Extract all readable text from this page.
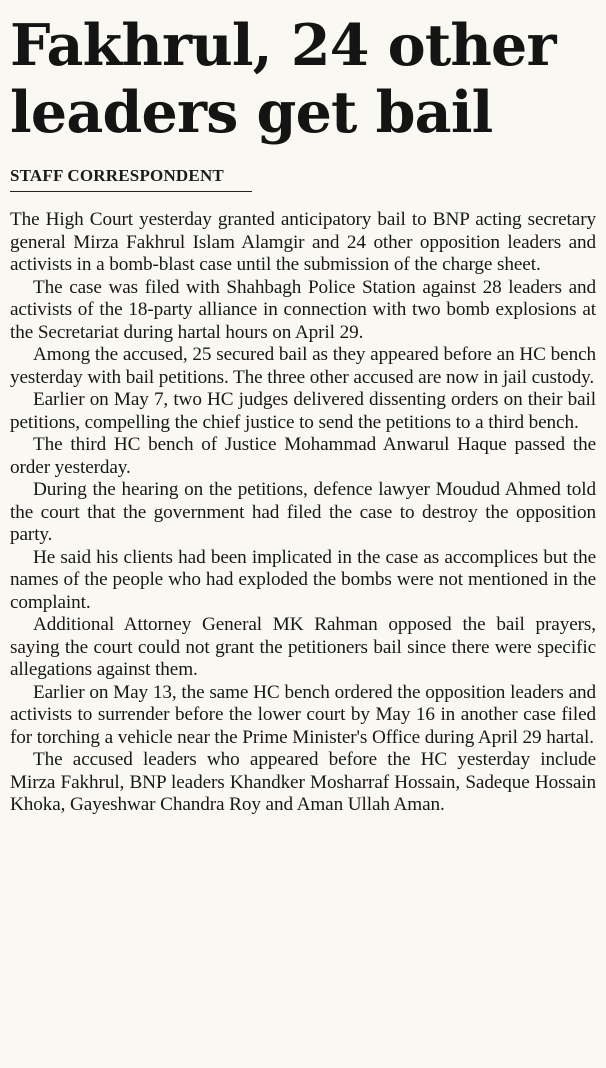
Fakhrul, 24 other
leaders get bail
STAFF CORRESPONDENT

The High Court yesterday granted anticipatory bail to BNP acting secretary general Mirza Fakhrul Islam Alamgir and 24 other opposition leaders and activists in a bomb-blast case until the submission of the charge sheet.

The case was filed with Shahbagh Police Station against 28 leaders and activists of the 18-party alliance in connection with two bomb explosions at the Secretariat during hartal hours on April 29.

Among the accused, 25 secured bail as they appeared before an HC bench yesterday with bail petitions. The three other accused are now in jail custody.

Earlier on May 7, two HC judges delivered dissenting orders on their bail petitions, compelling the chief justice to send the petitions to a third bench.

The third HC bench of Justice Mohammad Anwarul Haque passed the order yesterday.

During the hearing on the petitions, defence lawyer Moudud Ahmed told the court that the government had filed the case to destroy the opposition party.

He said his clients had been implicated in the case as accomplices but the names of the people who had exploded the bombs were not mentioned in the complaint.

Additional Attorney General MK Rahman opposed the bail prayers, saying the court could not grant the petitioners bail since there were specific allegations against them.

Earlier on May 13, the same HC bench ordered the opposition leaders and activists to surrender before the lower court by May 16 in another case filed for torching a vehicle near the Prime Minister's Office during April 29 hartal.

The accused leaders who appeared before the HC yesterday include Mirza Fakhrul, BNP leaders Khandker Mosharraf Hossain, Sadeque Hossain Khoka, Gayeshwar Chandra Roy and Aman Ullah Aman.
